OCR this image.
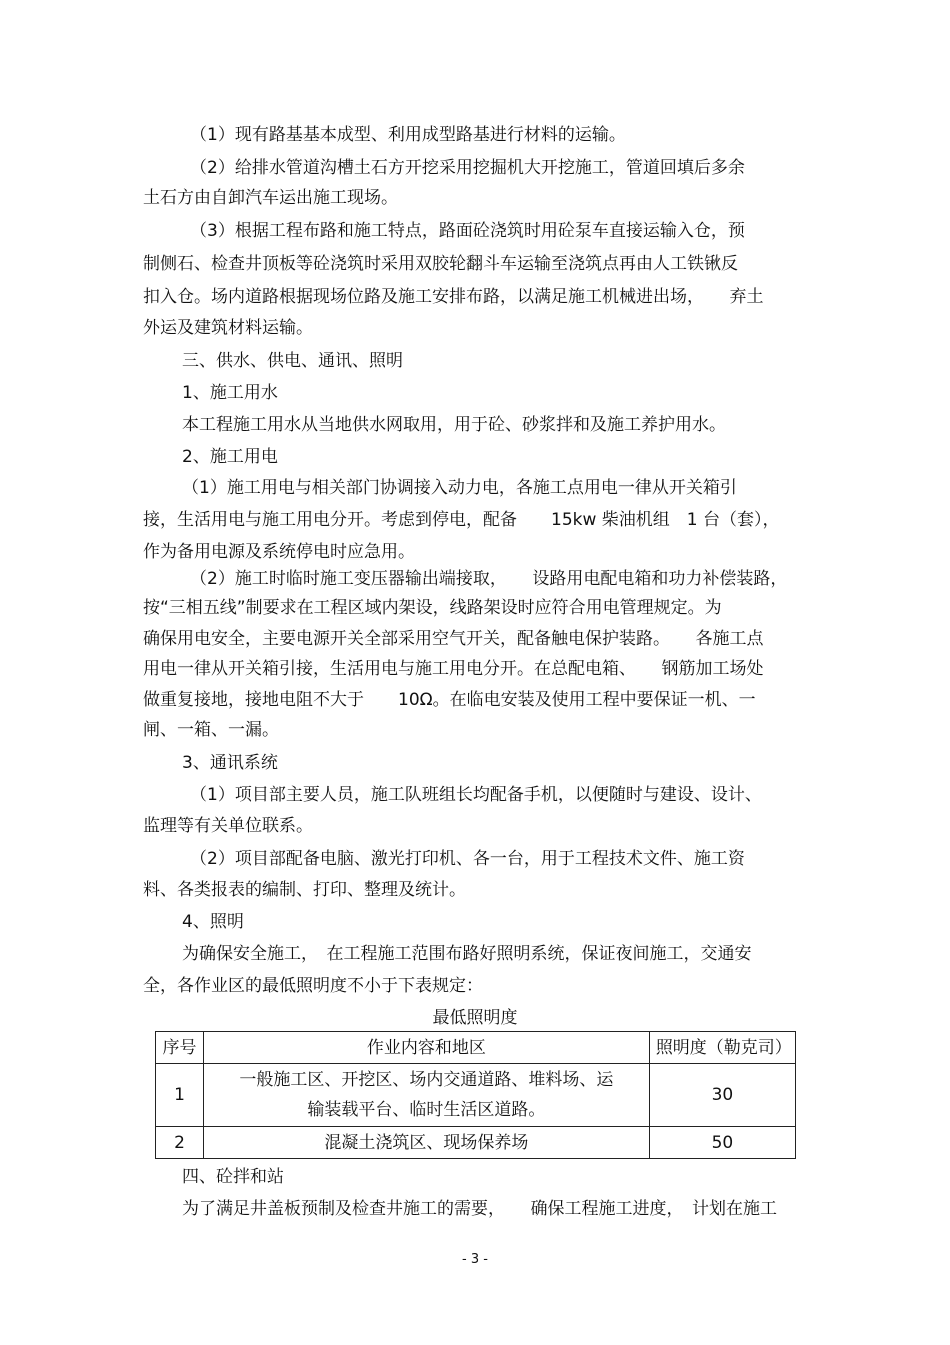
（1）现有路基基本成型、利用成型路基进行材料的运输。
（2）给排水管道沟槽土石方开挖采用挖掘机大开挖施工，管道回填后多余
土石方由自卸汽车运出施工现场。
（3）根据工程布路和施工特点，路面砼浇筑时用砼泵车直接运输入仓，预
制侧石、检查井顶板等砼浇筑时采用双胶轮翻斗车运输至浇筑点再由人工铁锹反
扣入仓。场内道路根据现场位路及施工安排布路，以满足施工机械进出场，　　弃土
外运及建筑材料运输。
三、供水、供电、通讯、照明
1、施工用水
本工程施工用水从当地供水网取用，用于砼、砂浆拌和及施工养护用水。
2、施工用电
（1）施工用电与相关部门协调接入动力电，各施工点用电一律从开关箱引
接，生活用电与施工用电分开。考虑到停电，配备　　15kw 柴油机组　1 台（套），
作为备用电源及系统停电时应急用。
（2）施工时临时施工变压器输出端接取，　　设路用电配电箱和功力补偿装路，
按“三相五线”制要求在工程区域内架设，线路架设时应符合用电管理规定。为
确保用电安全，主要电源开关全部采用空气开关，配备触电保护装路。　　各施工点
用电一律从开关箱引接，生活用电与施工用电分开。在总配电箱、　　钢筋加工场处
做重复接地，接地电阻不大于　　10Ω。在临电安装及使用工程中要保证一机、一
闸、一箱、一漏。
3、通讯系统
（1）项目部主要人员，施工队班组长均配备手机，以便随时与建设、设计、
监理等有关单位联系。
（2）项目部配备电脑、激光打印机、各一台，用于工程技术文件、施工资
料、各类报表的编制、打印、整理及统计。
4、照明
为确保安全施工，　在工程施工范围布路好照明系统，保证夜间施工，交通安
全，各作业区的最低照明度不小于下表规定：
最低照明度
序号	作业内容和地区	照明度（勒克司）
1	一般施工区、开挖区、场内交通道路、堆料场、运
输装载平台、临时生活区道路。	30
2	混凝土浇筑区、现场保养场	50
四、砼拌和站
为了满足井盖板预制及检查井施工的需要，　　确保工程施工进度，　计划在施工
- 3 -
